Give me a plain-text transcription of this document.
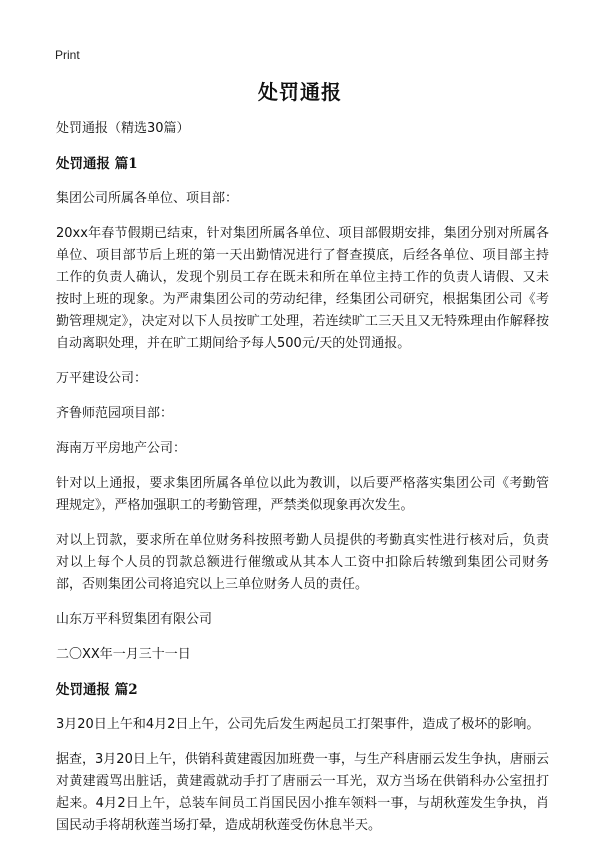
Print
处罚通报

处罚通报（精选30篇）

处罚通报 篇1

集团公司所属各单位、项目部：

20xx年春节假期已结束，针对集团所属各单位、项目部假期安排，集团分别对所属各单位、项目部节后上班的第一天出勤情况进行了督查摸底，后经各单位、项目部主持工作的负责人确认，发现个别员工存在既未和所在单位主持工作的负责人请假、又未按时上班的现象。为严肃集团公司的劳动纪律，经集团公司研究，根据集团公司《考勤管理规定》，决定对以下人员按旷工处理，若连续旷工三天且又无特殊理由作解释按自动离职处理，并在旷工期间给予每人500元/天的处罚通报。

万平建设公司：

齐鲁师范园项目部：

海南万平房地产公司：

针对以上通报，要求集团所属各单位以此为教训，以后要严格落实集团公司《考勤管理规定》，严格加强职工的考勤管理，严禁类似现象再次发生。

对以上罚款，要求所在单位财务科按照考勤人员提供的考勤真实性进行核对后，负责对以上每个人员的罚款总额进行催缴或从其本人工资中扣除后转缴到集团公司财务部，否则集团公司将追究以上三单位财务人员的责任。

山东万平科贸集团有限公司

二〇XX年一月三十一日

处罚通报 篇2

3月20日上午和4月2日上午，公司先后发生两起员工打架事件，造成了极坏的影响。

据查，3月20日上午，供销科黄建霞因加班费一事，与生产科唐丽云发生争执，唐丽云对黄建霞骂出脏话，黄建霞就动手打了唐丽云一耳光，双方当场在供销科办公室扭打起来。4月2日上午，总装车间员工肖国民因小推车领料一事，与胡秋莲发生争执，肖国民动手将胡秋莲当场打晕，造成胡秋莲受伤休息半天。
